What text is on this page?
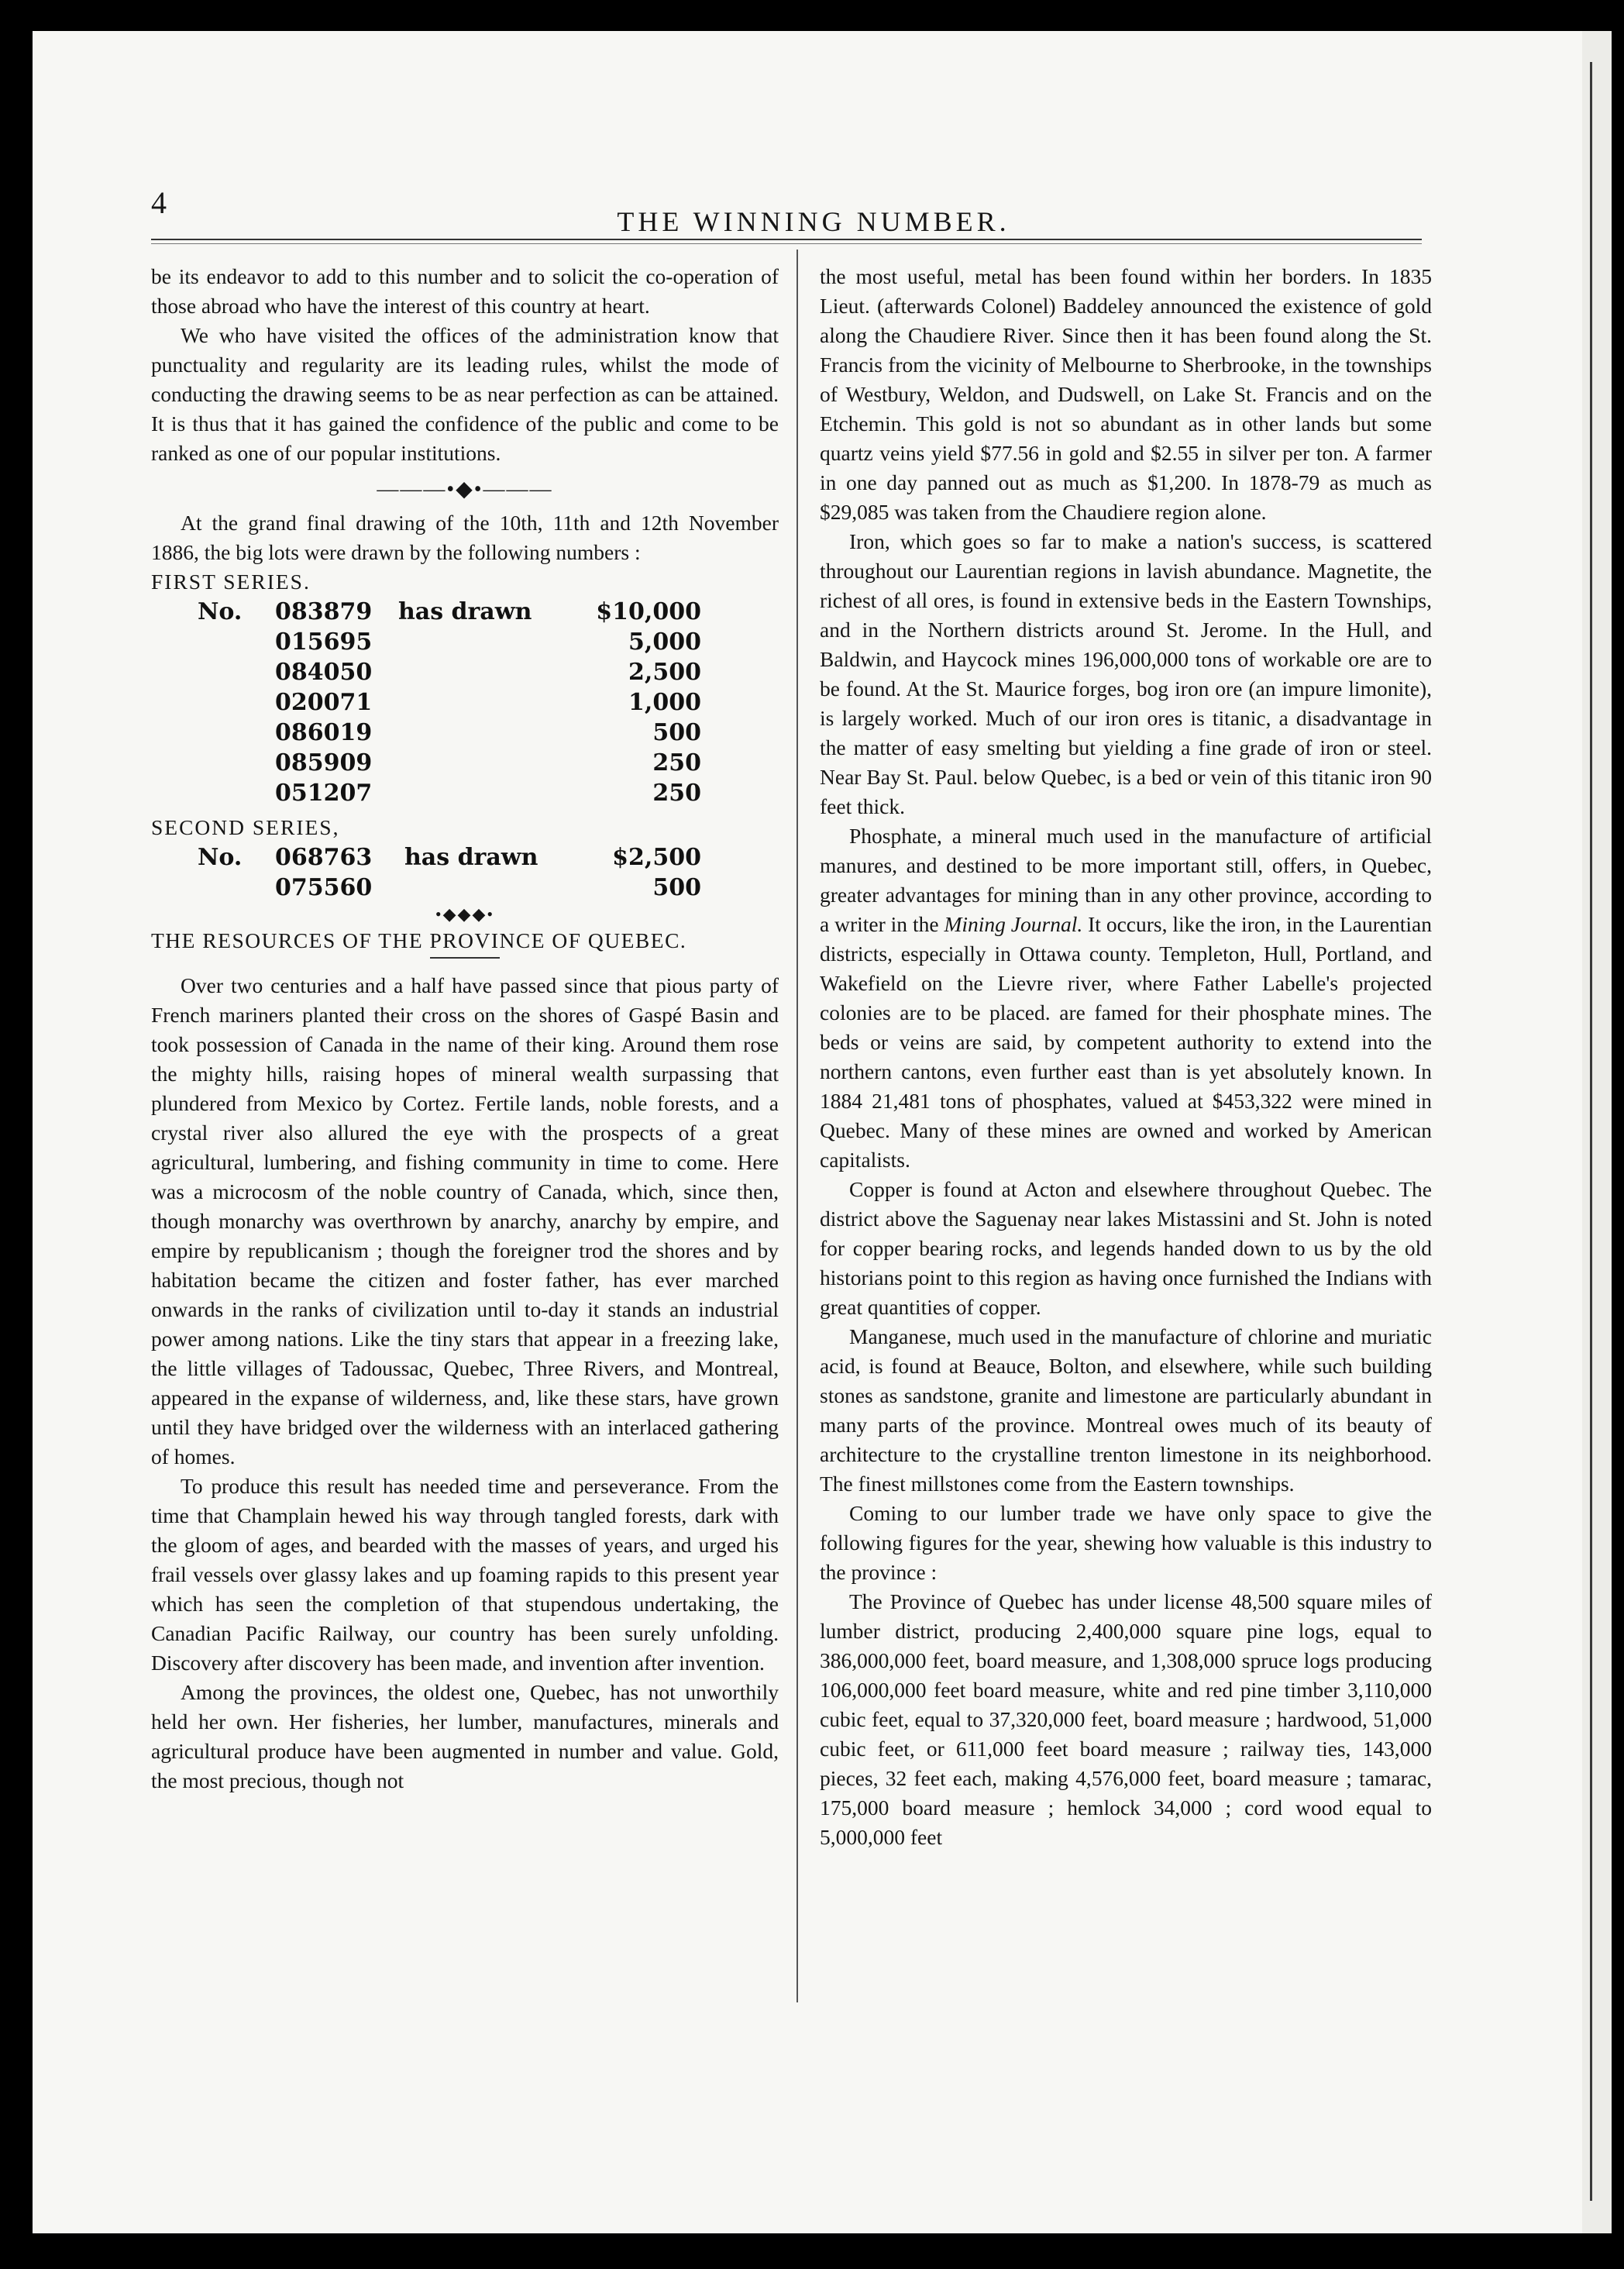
4
THE WINNING NUMBER.

be its endeavor to add to this number and to solicit the co-operation of those abroad who have the interest of this country at heart.

We who have visited the offices of the administration know that punctuality and regularity are its leading rules, whilst the mode of conducting the drawing seems to be as near perfection as can be attained. It is thus that it has gained the confidence of the public and come to be ranked as one of our popular institutions.

———•◆•———

At the grand final drawing of the 10th, 11th and 12th November 1886, the big lots were drawn by the following numbers :

FIRST SERIES.

No.	083879	has drawn	$10,000
	015695		5,000
	084050		2,500
	020071		1,000
	086019		500
	085909		250
	051207		250

SECOND SERIES,

No.	068763	has drawn	$2,500
	075560		500
•◆◆◆•

THE RESOURCES OF THE PROVINCE OF QUEBEC.

Over two centuries and a half have passed since that pious party of French mariners planted their cross on the shores of Gaspé Basin and took possession of Canada in the name of their king. Around them rose the mighty hills, raising hopes of mineral wealth surpassing that plundered from Mexico by Cortez. Fertile lands, noble forests, and a crystal river also allured the eye with the prospects of a great agricultural, lumbering, and fishing community in time to come. Here was a microcosm of the noble country of Canada, which, since then, though monarchy was overthrown by anarchy, anarchy by empire, and empire by republicanism ; though the foreigner trod the shores and by habitation became the citizen and foster father, has ever marched onwards in the ranks of civilization until to-day it stands an industrial power among nations. Like the tiny stars that appear in a freezing lake, the little villages of Tadoussac, Quebec, Three Rivers, and Montreal, appeared in the expanse of wilderness, and, like these stars, have grown until they have bridged over the wilderness with an interlaced gathering of homes.

To produce this result has needed time and perseverance. From the time that Champlain hewed his way through tangled forests, dark with the gloom of ages, and bearded with the masses of years, and urged his frail vessels over glassy lakes and up foaming rapids to this present year which has seen the completion of that stupendous undertaking, the Canadian Pacific Railway, our country has been surely unfolding. Discovery after discovery has been made, and invention after invention.

Among the provinces, the oldest one, Quebec, has not unworthily held her own. Her fisheries, her lumber, manufactures, minerals and agricultural produce have been augmented in number and value. Gold, the most precious, though not

the most useful, metal has been found within her borders. In 1835 Lieut. (afterwards Colonel) Baddeley announced the existence of gold along the Chaudiere River. Since then it has been found along the St. Francis from the vicinity of Melbourne to Sherbrooke, in the townships of Westbury, Weldon, and Dudswell, on Lake St. Francis and on the Etchemin. This gold is not so abundant as in other lands but some quartz veins yield $77.56 in gold and $2.55 in silver per ton. A farmer in one day panned out as much as $1,200. In 1878-79 as much as $29,085 was taken from the Chaudiere region alone.

Iron, which goes so far to make a nation's success, is scattered throughout our Laurentian regions in lavish abundance. Magnetite, the richest of all ores, is found in extensive beds in the Eastern Townships, and in the Northern districts around St. Jerome. In the Hull, and Baldwin, and Haycock mines 196,000,000 tons of workable ore are to be found. At the St. Maurice forges, bog iron ore (an impure limonite), is largely worked. Much of our iron ores is titanic, a disadvantage in the matter of easy smelting but yielding a fine grade of iron or steel. Near Bay St. Paul. below Quebec, is a bed or vein of this titanic iron 90 feet thick.

Phosphate, a mineral much used in the manufacture of artificial manures, and destined to be more important still, offers, in Quebec, greater advantages for mining than in any other province, according to a writer in the Mining Journal. It occurs, like the iron, in the Laurentian districts, especially in Ottawa county. Templeton, Hull, Portland, and Wakefield on the Lievre river, where Father Labelle's projected colonies are to be placed. are famed for their phosphate mines. The beds or veins are said, by competent authority to extend into the northern cantons, even further east than is yet absolutely known. In 1884 21,481 tons of phosphates, valued at $453,322 were mined in Quebec. Many of these mines are owned and worked by American capitalists.

Copper is found at Acton and elsewhere throughout Quebec. The district above the Saguenay near lakes Mistassini and St. John is noted for copper bearing rocks, and legends handed down to us by the old historians point to this region as having once furnished the Indians with great quantities of copper.

Manganese, much used in the manufacture of chlorine and muriatic acid, is found at Beauce, Bolton, and elsewhere, while such building stones as sandstone, granite and limestone are particularly abundant in many parts of the province. Montreal owes much of its beauty of architecture to the crystalline trenton limestone in its neighborhood. The finest millstones come from the Eastern townships.

Coming to our lumber trade we have only space to give the following figures for the year, shewing how valuable is this industry to the province :

The Province of Quebec has under license 48,500 square miles of lumber district, producing 2,400,000 square pine logs, equal to 386,000,000 feet, board measure, and 1,308,000 spruce logs producing 106,000,000 feet board measure, white and red pine timber 3,110,000 cubic feet, equal to 37,320,000 feet, board measure ; hardwood, 51,000 cubic feet, or 611,000 feet board measure ; railway ties, 143,000 pieces, 32 feet each, making 4,576,000 feet, board measure ; tamarac, 175,000 board measure ; hemlock 34,000 ; cord wood equal to 5,000,000 feet
